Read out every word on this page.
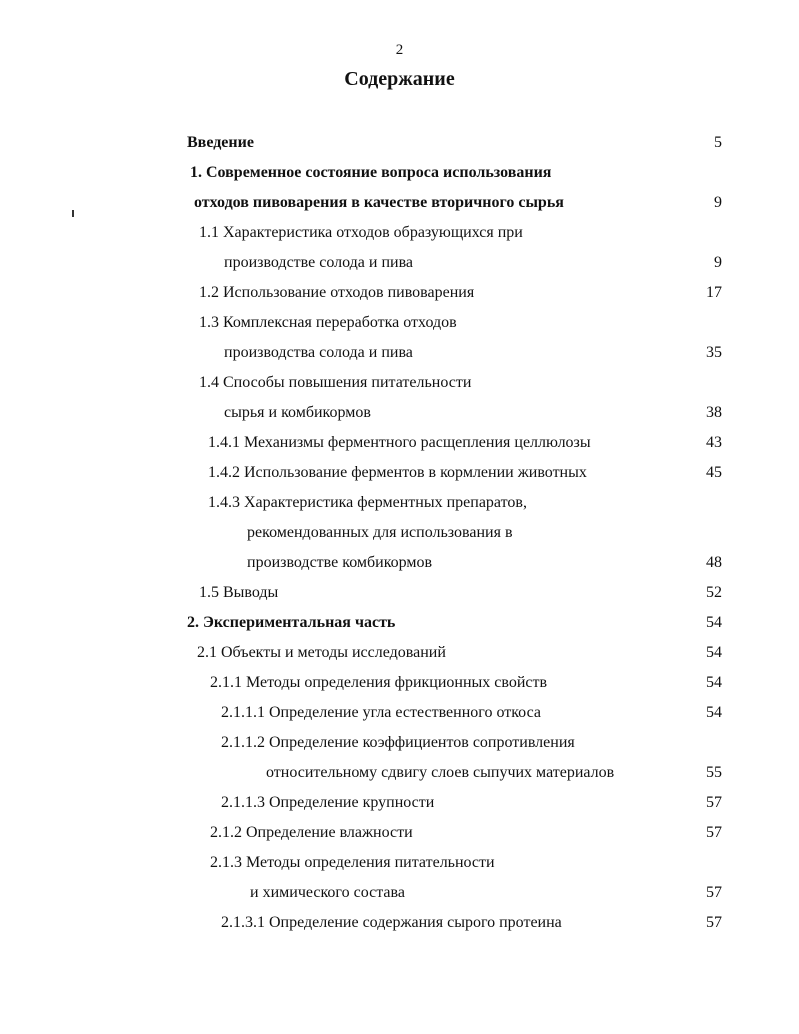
2
Содержание
Введение	5
1. Современное состояние вопроса использования
отходов пивоварения в качестве вторичного сырья	9
1.1 Характеристика отходов образующихся при
производстве солода и пива	9
1.2 Использование отходов пивоварения	17
1.3 Комплексная переработка отходов
производства солода и пива	35
1.4 Способы повышения питательности
сырья и комбикормов	38
1.4.1 Механизмы ферментного расщепления целлюлозы	43
1.4.2 Использование ферментов в кормлении животных	45
1.4.3 Характеристика ферментных препаратов,
рекомендованных для использования в
производстве комбикормов	48
1.5 Выводы	52
2. Экспериментальная часть	54
2.1 Объекты и методы исследований	54
2.1.1 Методы определения фрикционных свойств	54
2.1.1.1 Определение угла естественного откоса	54
2.1.1.2 Определение коэффициентов сопротивления
относительному сдвигу слоев сыпучих материалов	55
2.1.1.3 Определение крупности	57
2.1.2 Определение влажности	57
2.1.3 Методы определения питательности
и химического состава	57
2.1.3.1 Определение содержания сырого протеина	57
